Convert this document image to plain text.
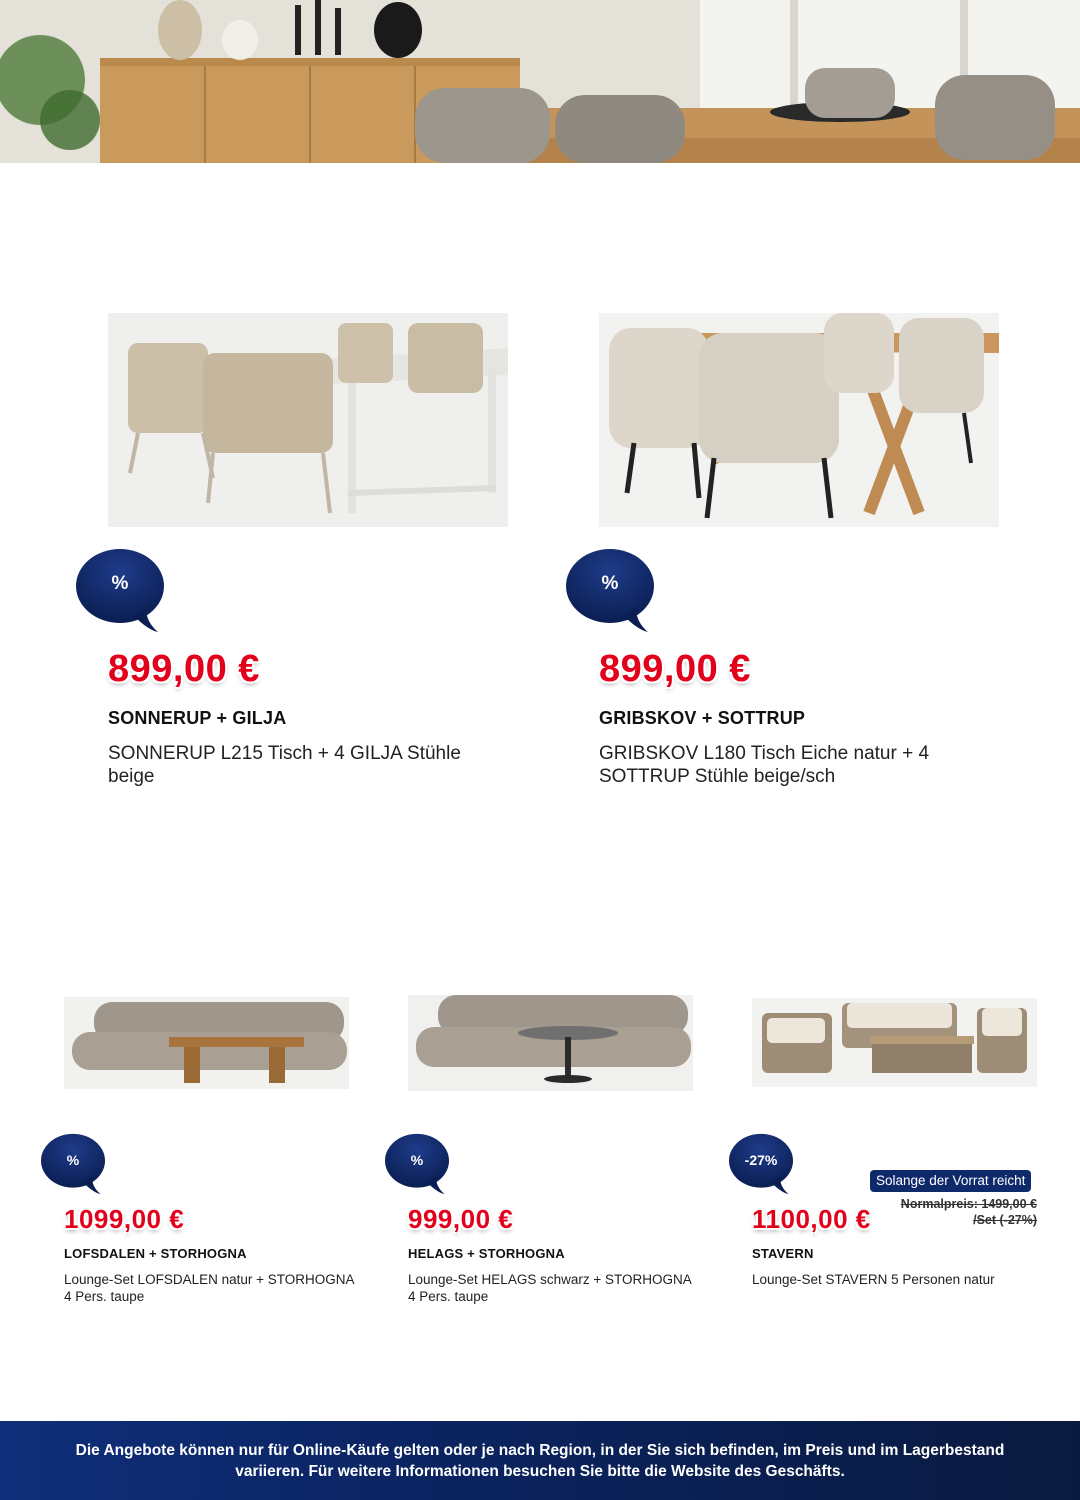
%
899,00 €
SONNERUP + GILJA
SONNERUP L215 Tisch + 4 GILJA Stühle beige
%
899,00 €
GRIBSKOV + SOTTRUP
GRIBSKOV L180 Tisch Eiche natur + 4 SOTTRUP Stühle beige/sch
%
1099,00 €
LOFSDALEN + STORHOGNA
Lounge-Set LOFSDALEN natur + STORHOGNA 4 Pers. taupe
%
999,00 €
HELAGS + STORHOGNA
Lounge-Set HELAGS schwarz + STORHOGNA 4 Pers. taupe
-27%
Solange der Vorrat reicht
Normalpreis: 1499,00 € /Set (-27%)
1100,00 €
STAVERN
Lounge-Set STAVERN 5 Personen natur
Die Angebote können nur für Online-Käufe gelten oder je nach Region, in der Sie sich befinden, im Preis und im Lagerbestand variieren. Für weitere Informationen besuchen Sie bitte die Website des Geschäfts.
